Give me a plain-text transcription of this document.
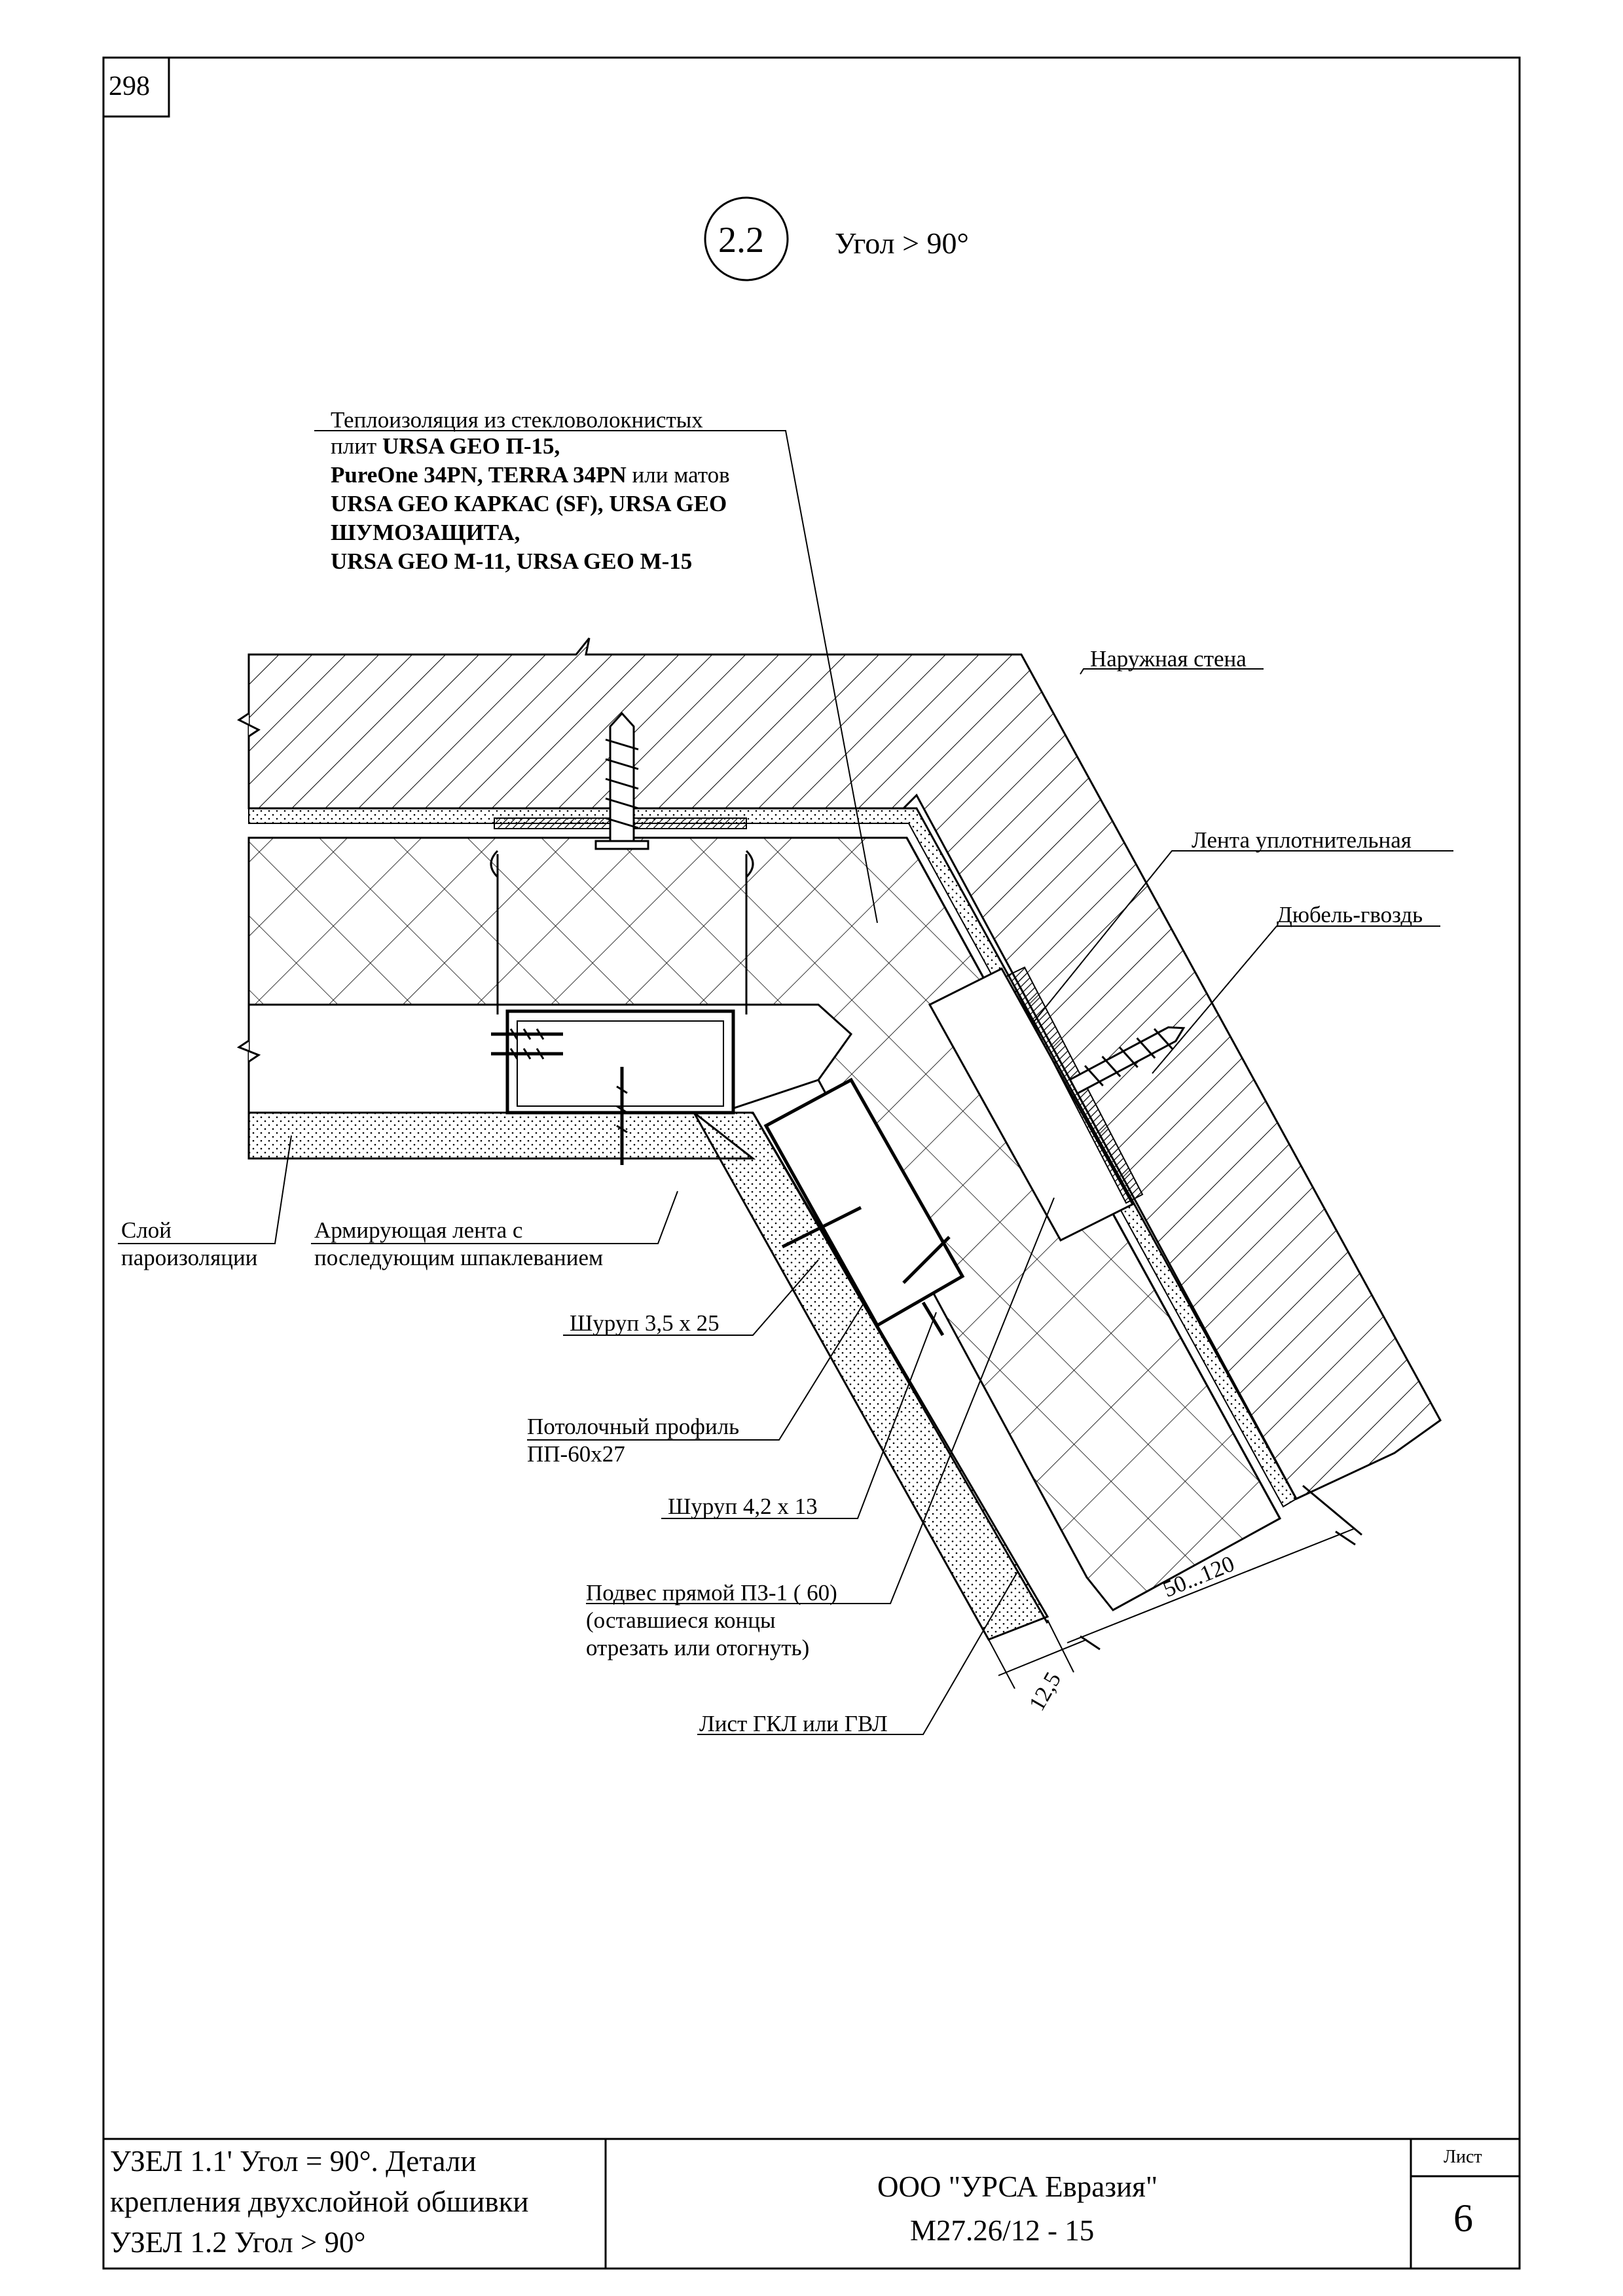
298
2.2 Угол > 90°
Теплоизоляция из стекловолокнистых
плит URSA GEO П-15,
PureOne 34PN, TERRA 34PN или матов
URSA GEO КАРКАС (SF), URSA GEO
ШУМОЗАЩИТА,
URSA GEO М-11, URSA GEO М-15
Наружная стена
Лента уплотнительная
Дюбель-гвоздь
Слой
пароизоляции
Армирующая лента с
последующим шпаклеванием
Шуруп 3,5 х 25
Потолочный профиль
ПП-60х27
Шуруп 4,2 х 13
Подвес прямой ПЗ-1 ( 60)
(оставшиеся концы
отрезать или отогнуть)
Лист ГКЛ или ГВЛ
50...120
12,5
УЗЕЛ 1.1' Угол = 90°. Детали
крепления двухслойной обшивки
УЗЕЛ 1.2 Угол > 90°
ООО "УРСА Евразия"
М27.26/12 - 15
Лист
6
